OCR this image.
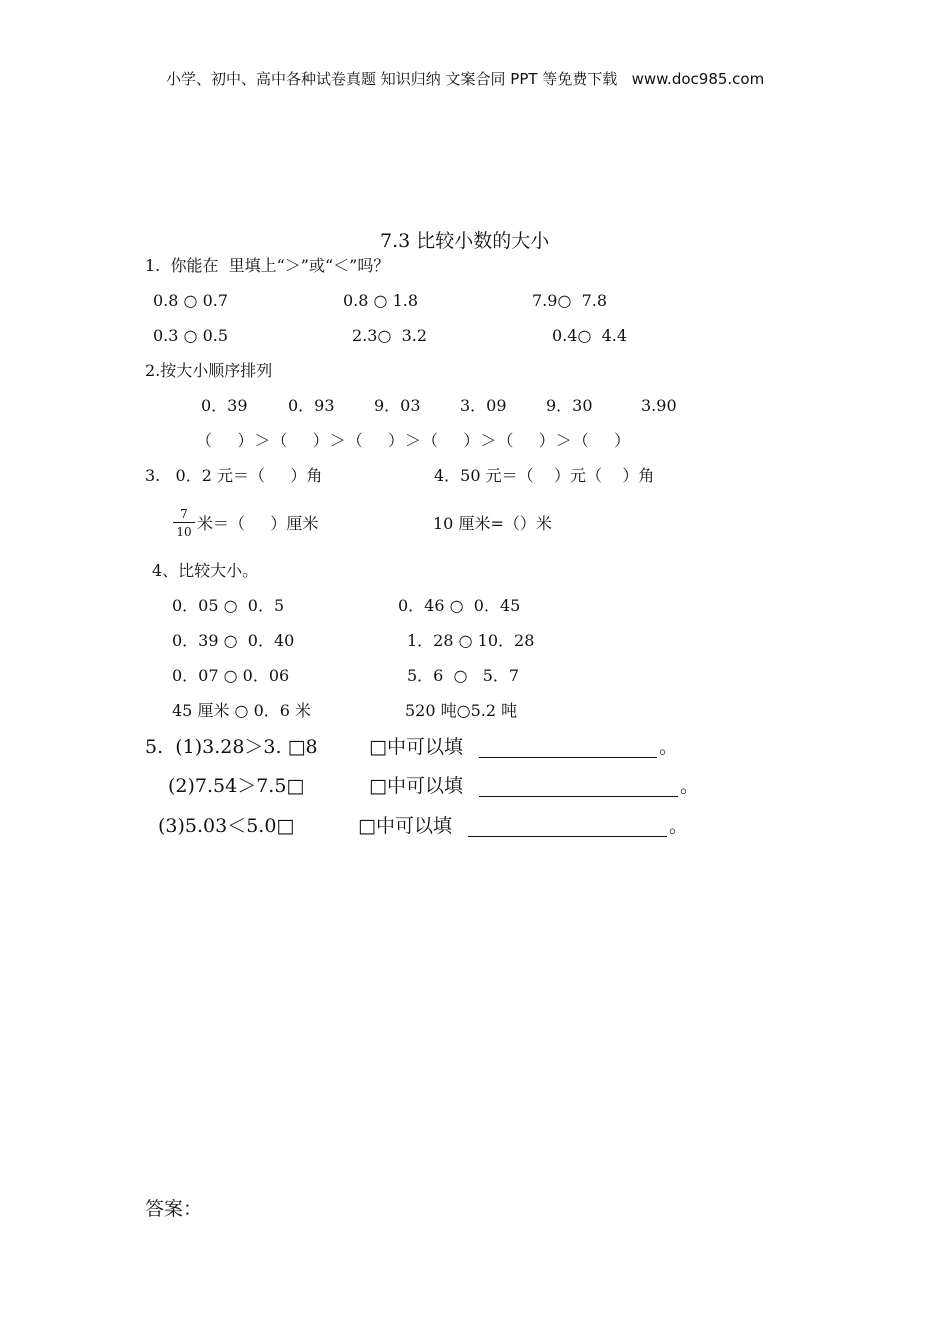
小学、初中、高中各种试卷真题 知识归纳 文案合同 PPT 等免费下载   www.doc985.com
7.3 比较小数的大小
1.  你能在  里填上“＞”或“＜”吗？
0.8 ○ 0.7	0.8 ○ 1.8	7.9○  7.8
0.3 ○ 0.5	2.3○  3.2	0.4○  4.4
2.按大小顺序排列
0．39	0．93 9．03 3．09 9．30	3.90
（    ）＞（    ）＞（    ）＞（    ）＞（    ）＞（    ）
3.   0．2 元＝（     ）角	4．50 元＝（    ）元（    ）角
7
10 米＝（     ）厘米	10 厘米=（）米
4、比较大小。
0．05 ○  0．5	0．46 ○  0．45
0．39 ○  0．40	1．28 ○ 10．28
0．07 ○ 0．06	5．6  ○   5．7
45 厘米 ○ 0．6 米	520 吨○5.2 吨
5.  (1)3.28＞3. □8	□中可以填	。
(2)7.54＞7.5□	□中可以填	。
(3)5.03＜5.0□	□中可以填	。
答案：
